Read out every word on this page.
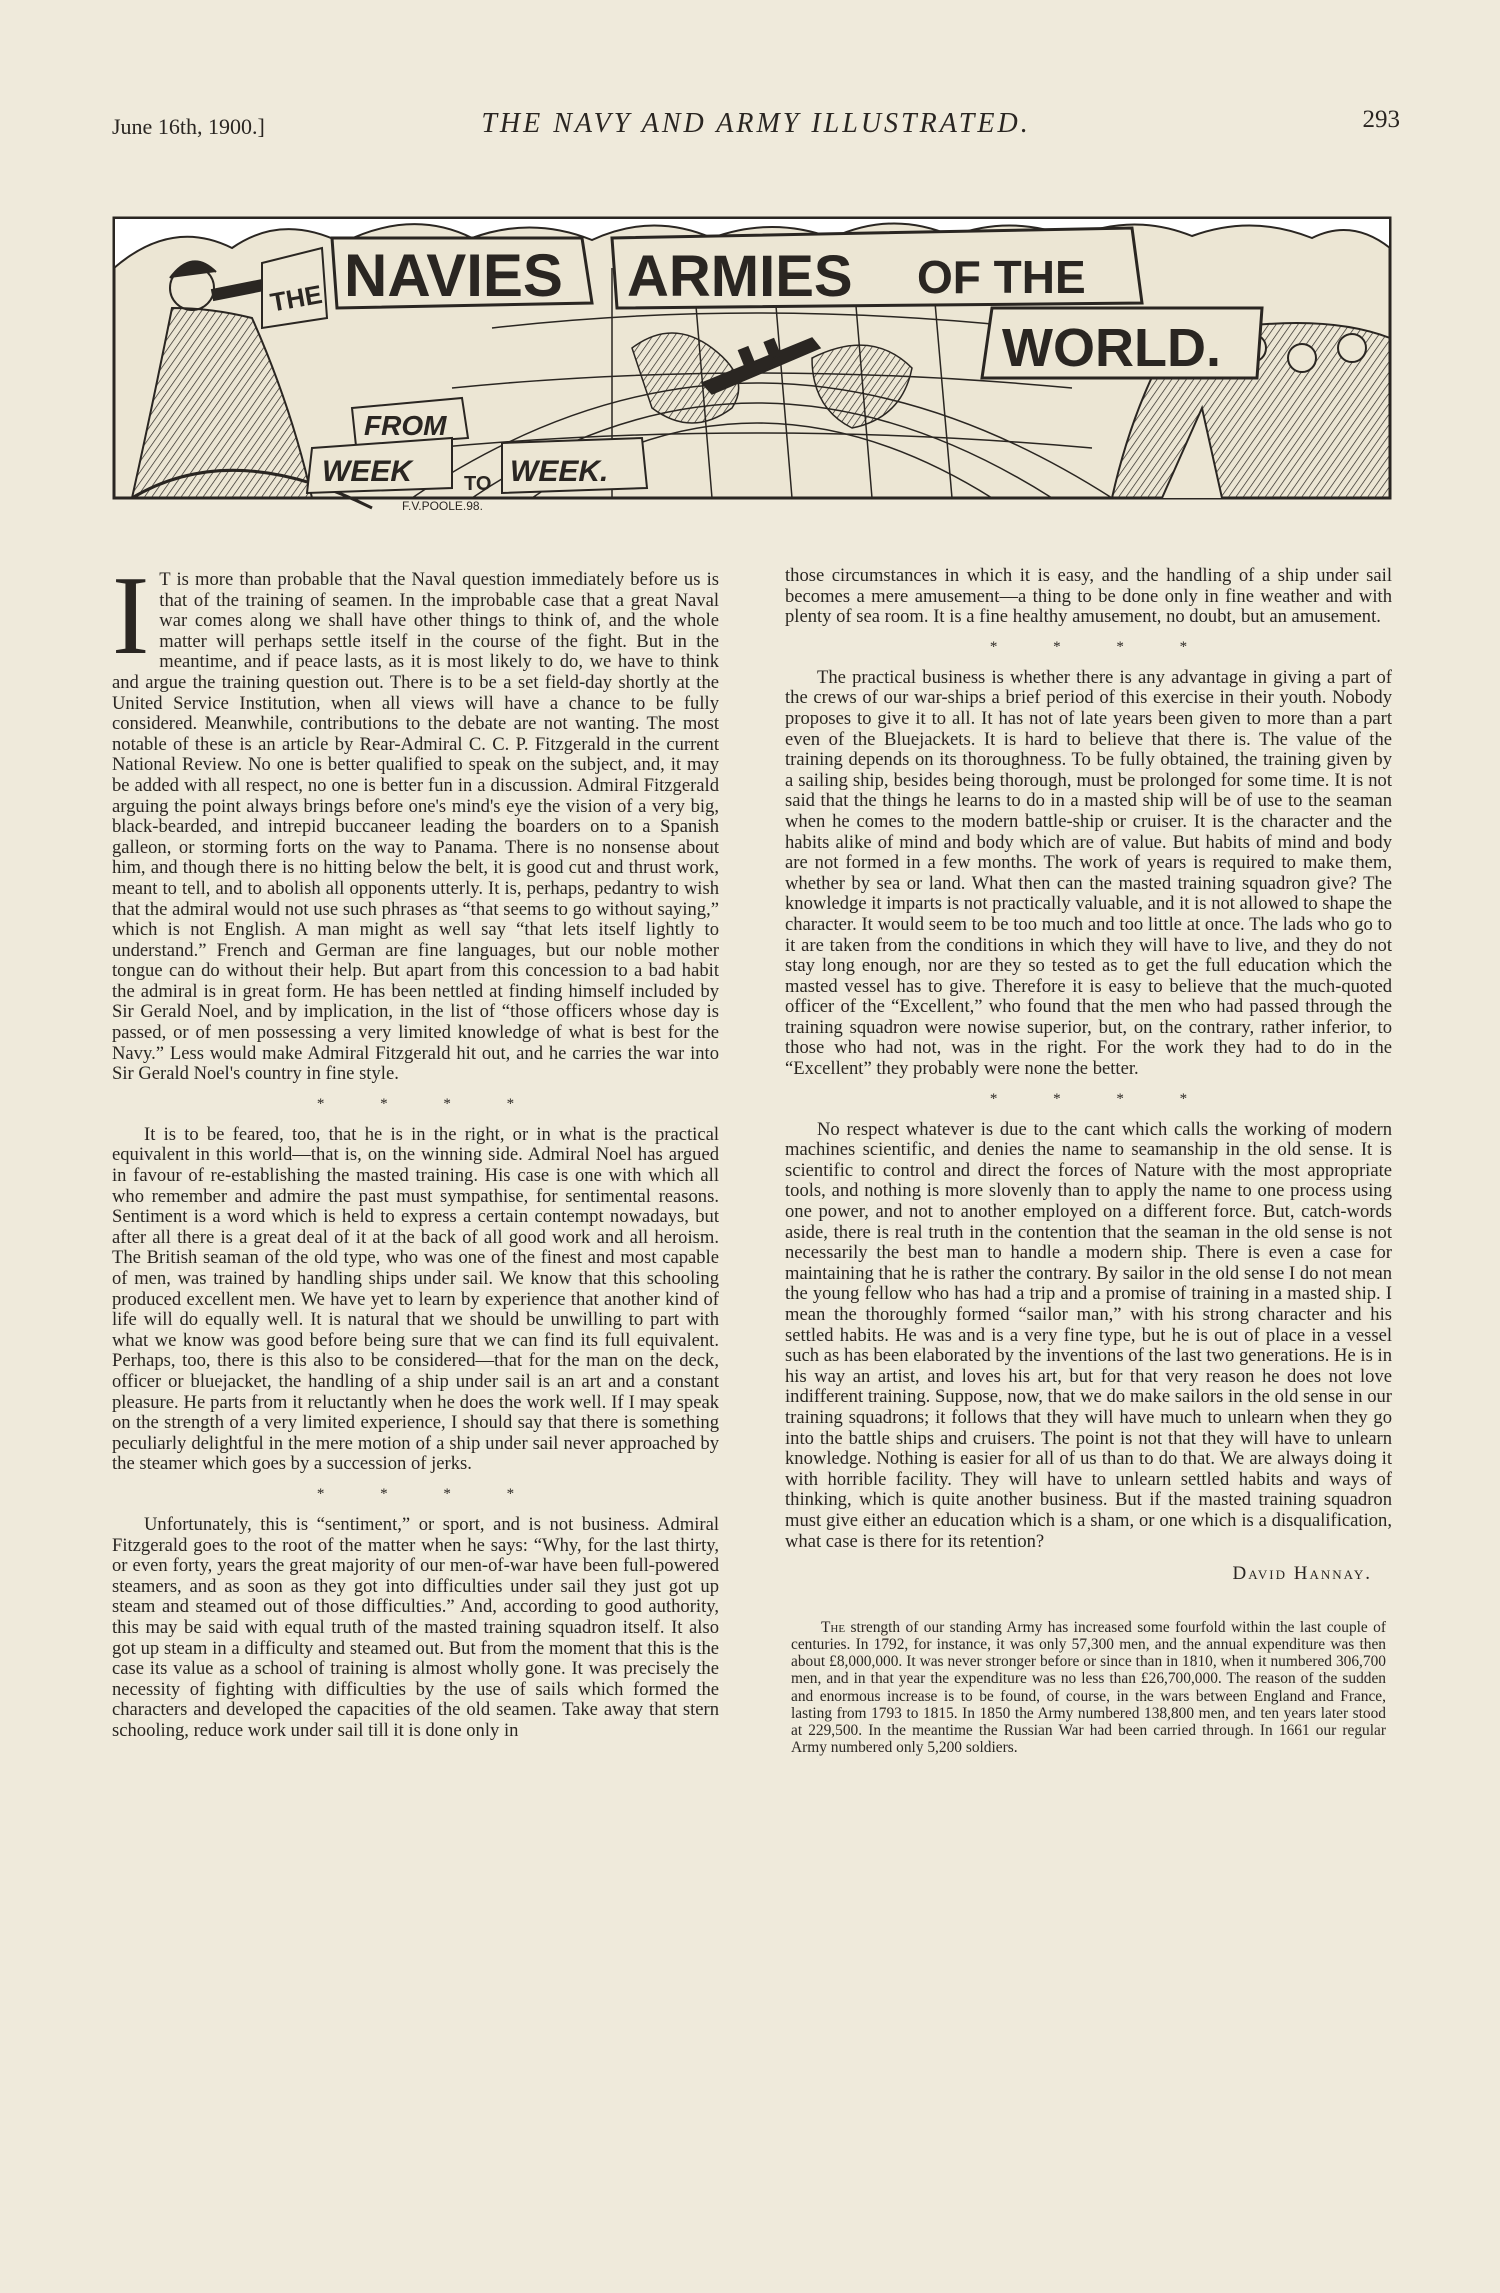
June 16th, 1900.]	THE NAVY AND ARMY ILLUSTRATED.	293
THE NAVIES ARMIES OF THE
WORLD.
FROM
WEEK	TO WEEK.
F.V.POOLE.98.

I T is more than probable that the Naval question immediately before us is that of the training of seamen. In the improbable case that a great Naval war comes along we shall have other things to think of, and the whole matter will perhaps settle itself in the course of the fight. But in the meantime, and if peace lasts, as it is most likely to do, we have to think and argue the training question out. There is to be a set field-day shortly at the United Service Institution, when all views will have a chance to be fully considered. Meanwhile, contributions to the debate are not wanting. The most notable of these is an article by Rear-Admiral C. C. P. Fitzgerald in the current National Review. No one is better qualified to speak on the subject, and, it may be added with all respect, no one is better fun in a discussion. Admiral Fitzgerald arguing the point always brings before one's mind's eye the vision of a very big, black-bearded, and intrepid buccaneer leading the boarders on to a Spanish galleon, or storming forts on the way to Panama. There is no nonsense about him, and though there is no hitting below the belt, it is good cut and thrust work, meant to tell, and to abolish all opponents utterly. It is, perhaps, pedantry to wish that the admiral would not use such phrases as “that seems to go without saying,” which is not English. A man might as well say “that lets itself lightly to understand.” French and German are fine languages, but our noble mother tongue can do without their help. But apart from this concession to a bad habit the admiral is in great form. He has been nettled at finding himself included by Sir Gerald Noel, and by implication, in the list of “those officers whose day is passed, or of men possessing a very limited knowledge of what is best for the Navy.” Less would make Admiral Fitzgerald hit out, and he carries the war into Sir Gerald Noel's country in fine style.

* * * *

It is to be feared, too, that he is in the right, or in what is the practical equivalent in this world—that is, on the winning side. Admiral Noel has argued in favour of re-establishing the masted training. His case is one with which all who remember and admire the past must sympathise, for sentimental reasons. Sentiment is a word which is held to express a certain contempt nowadays, but after all there is a great deal of it at the back of all good work and all heroism. The British seaman of the old type, who was one of the finest and most capable of men, was trained by handling ships under sail. We know that this schooling produced excellent men. We have yet to learn by experience that another kind of life will do equally well. It is natural that we should be unwilling to part with what we know was good before being sure that we can find its full equivalent. Perhaps, too, there is this also to be considered—that for the man on the deck, officer or bluejacket, the handling of a ship under sail is an art and a constant pleasure. He parts from it reluctantly when he does the work well. If I may speak on the strength of a very limited experience, I should say that there is something peculiarly delightful in the mere motion of a ship under sail never approached by the steamer which goes by a succession of jerks.

* * * *

Unfortunately, this is “sentiment,” or sport, and is not business. Admiral Fitzgerald goes to the root of the matter when he says: “Why, for the last thirty, or even forty, years the great majority of our men-of-war have been full-powered steamers, and as soon as they got into difficulties under sail they just got up steam and steamed out of those difficulties.” And, according to good authority, this may be said with equal truth of the masted training squadron itself. It also got up steam in a difficulty and steamed out. But from the moment that this is the case its value as a school of training is almost wholly gone. It was precisely the necessity of fighting with difficulties by the use of sails which formed the characters and developed the capacities of the old seamen. Take away that stern schooling, reduce work under sail till it is done only in

those circumstances in which it is easy, and the handling of a ship under sail becomes a mere amusement—a thing to be done only in fine weather and with plenty of sea room. It is a fine healthy amusement, no doubt, but an amusement.

* * * *

The practical business is whether there is any advantage in giving a part of the crews of our war-ships a brief period of this exercise in their youth. Nobody proposes to give it to all. It has not of late years been given to more than a part even of the Bluejackets. It is hard to believe that there is. The value of the training depends on its thoroughness. To be fully obtained, the training given by a sailing ship, besides being thorough, must be prolonged for some time. It is not said that the things he learns to do in a masted ship will be of use to the seaman when he comes to the modern battle-ship or cruiser. It is the character and the habits alike of mind and body which are of value. But habits of mind and body are not formed in a few months. The work of years is required to make them, whether by sea or land. What then can the masted training squadron give? The knowledge it imparts is not practically valuable, and it is not allowed to shape the character. It would seem to be too much and too little at once. The lads who go to it are taken from the conditions in which they will have to live, and they do not stay long enough, nor are they so tested as to get the full education which the masted vessel has to give. Therefore it is easy to believe that the much-quoted officer of the “Excellent,” who found that the men who had passed through the training squadron were nowise superior, but, on the contrary, rather inferior, to those who had not, was in the right. For the work they had to do in the “Excellent” they probably were none the better.

* * * *

No respect whatever is due to the cant which calls the working of modern machines scientific, and denies the name to seamanship in the old sense. It is scientific to control and direct the forces of Nature with the most appropriate tools, and nothing is more slovenly than to apply the name to one process using one power, and not to another employed on a different force. But, catch-words aside, there is real truth in the contention that the seaman in the old sense is not necessarily the best man to handle a modern ship. There is even a case for maintaining that he is rather the contrary. By sailor in the old sense I do not mean the young fellow who has had a trip and a promise of training in a masted ship. I mean the thoroughly formed “sailor man,” with his strong character and his settled habits. He was and is a very fine type, but he is out of place in a vessel such as has been elaborated by the inventions of the last two generations. He is in his way an artist, and loves his art, but for that very reason he does not love indifferent training. Suppose, now, that we do make sailors in the old sense in our training squadrons; it follows that they will have much to unlearn when they go into the battle ships and cruisers. The point is not that they will have to unlearn knowledge. Nothing is easier for all of us than to do that. We are always doing it with horrible facility. They will have to unlearn settled habits and ways of thinking, which is quite another business. But if the masted training squadron must give either an education which is a sham, or one which is a disqualification, what case is there for its retention?

David Hannay.

The strength of our standing Army has increased some fourfold within the last couple of centuries. In 1792, for instance, it was only 57,300 men, and the annual expenditure was then about £8,000,000. It was never stronger before or since than in 1810, when it numbered 306,700 men, and in that year the expenditure was no less than £26,700,000. The reason of the sudden and enormous increase is to be found, of course, in the wars between England and France, lasting from 1793 to 1815. In 1850 the Army numbered 138,800 men, and ten years later stood at 229,500. In the meantime the Russian War had been carried through. In 1661 our regular Army numbered only 5,200 soldiers.
